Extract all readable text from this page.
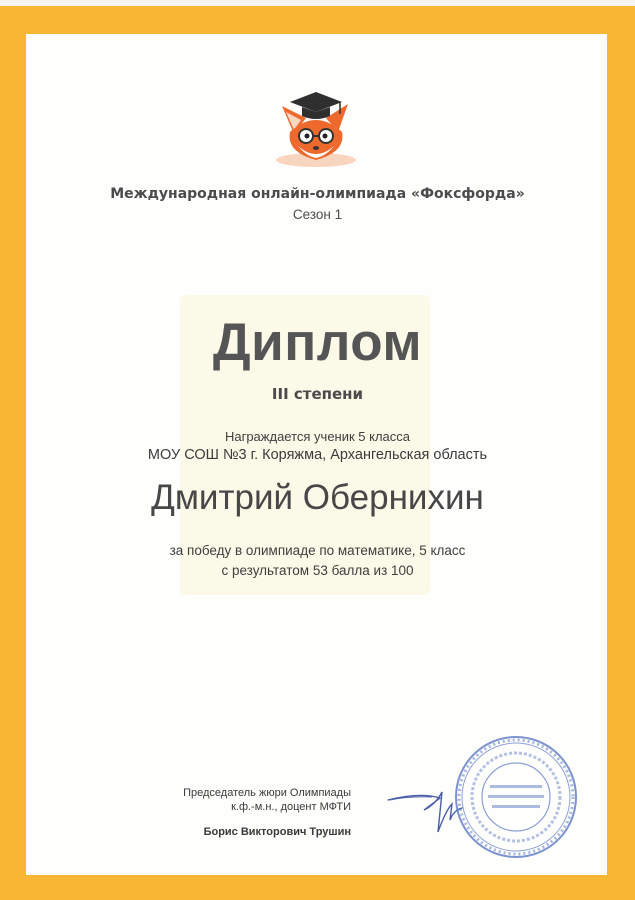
Международная онлайн-олимпиада «Фоксфорда»
Сезон 1
Диплом
III степени
Награждается ученик 5 класса
МОУ СОШ №3 г. Коряжма, Архангельская область
Дмитрий Обернихин
за победу в олимпиаде по математике, 5 класс
с результатом 53 балла из 100
Председатель жюри Олимпиады
к.ф.-м.н., доцент МФТИ
Борис Викторович Трушин
